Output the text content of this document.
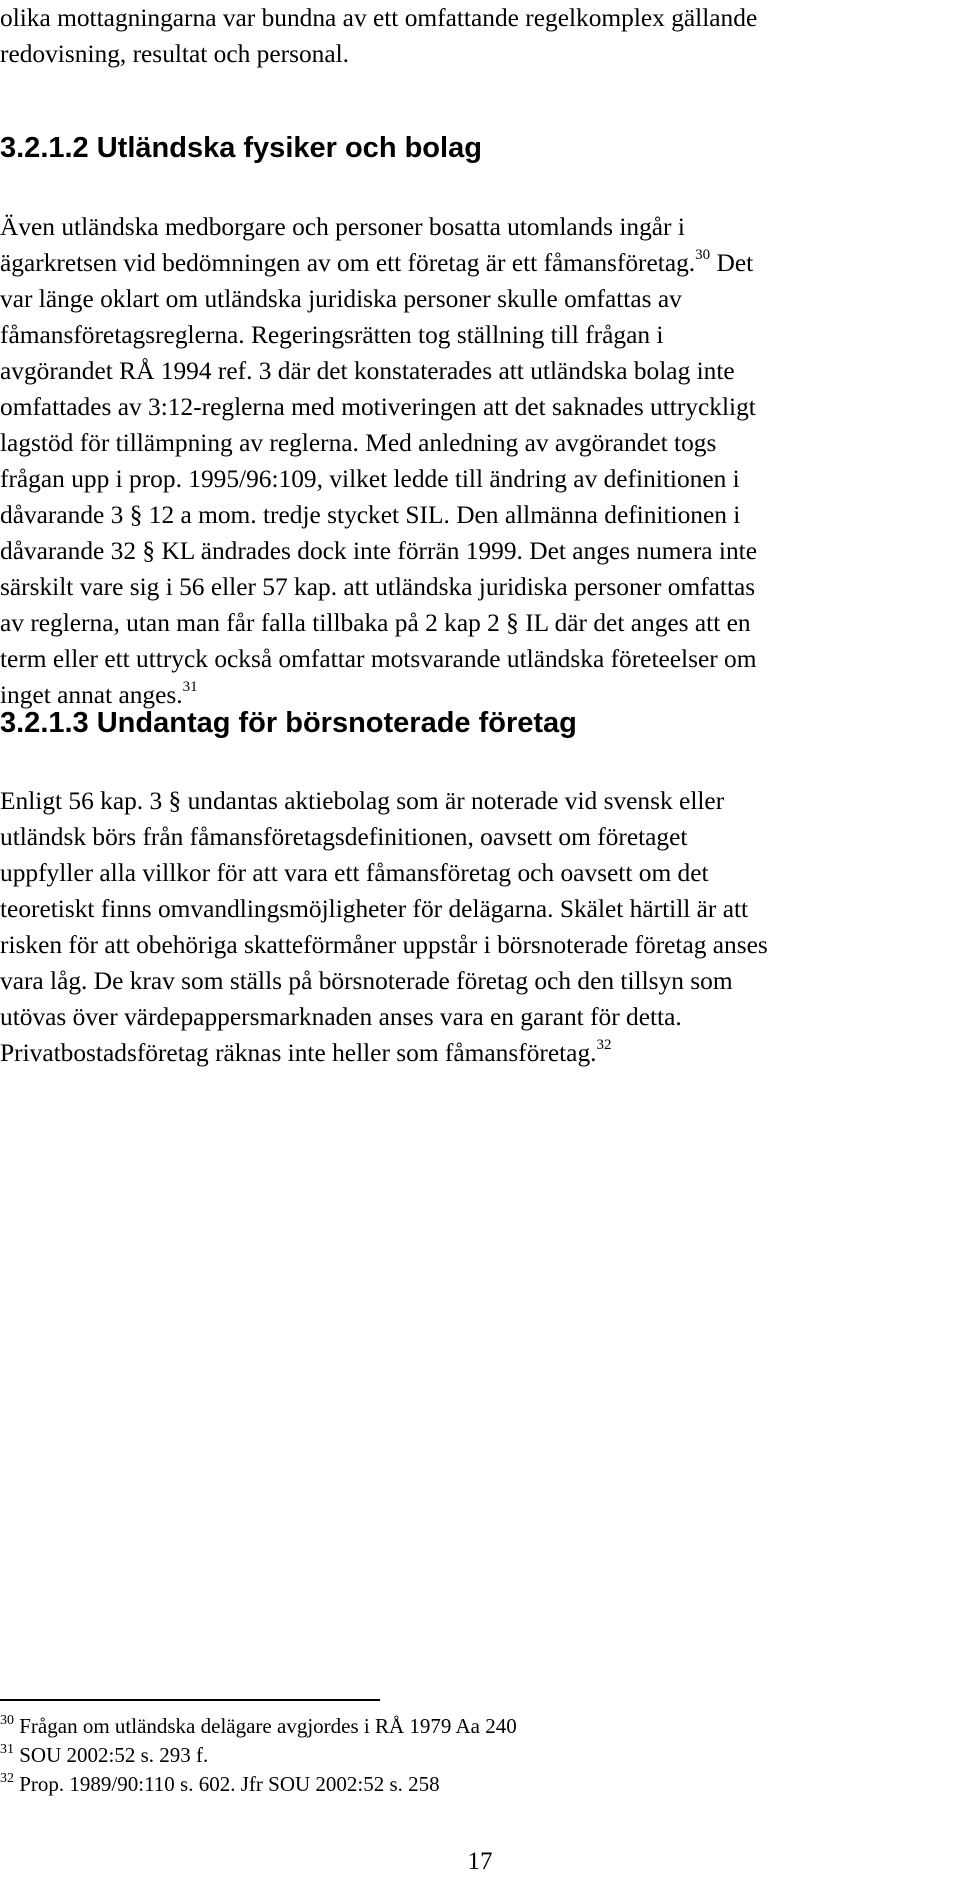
olika mottagningarna var bundna av ett omfattande regelkomplex gällande
redovisning, resultat och personal.
3.2.1.2 Utländska fysiker och bolag
Även utländska medborgare och personer bosatta utomlands ingår i
ägarkretsen vid bedömningen av om ett företag är ett fåmansföretag.$^{30}$ Det
var länge oklart om utländska juridiska personer skulle omfattas av
fåmansföretagsreglerna. Regeringsrätten tog ställning till frågan i
avgörandet RÅ 1994 ref. 3 där det konstaterades att utländska bolag inte
omfattades av 3:12-reglerna med motiveringen att det saknades uttryckligt
lagstöd för tillämpning av reglerna. Med anledning av avgörandet togs
frågan upp i prop. 1995/96:109, vilket ledde till ändring av definitionen i
dåvarande 3 § 12 a mom. tredje stycket SIL. Den allmänna definitionen i
dåvarande 32 § KL ändrades dock inte förrän 1999. Det anges numera inte
särskilt vare sig i 56 eller 57 kap. att utländska juridiska personer omfattas
av reglerna, utan man får falla tillbaka på 2 kap 2 § IL där det anges att en
term eller ett uttryck också omfattar motsvarande utländska företeelser om
inget annat anges.$^{31}$
3.2.1.3 Undantag för börsnoterade företag
Enligt 56 kap. 3 § undantas aktiebolag som är noterade vid svensk eller
utländsk börs från fåmansföretagsdefinitionen, oavsett om företaget
uppfyller alla villkor för att vara ett fåmansföretag och oavsett om det
teoretiskt finns omvandlingsmöjligheter för delägarna. Skälet härtill är att
risken för att obehöriga skatteförmåner uppstår i börsnoterade företag anses
vara låg. De krav som ställs på börsnoterade företag och den tillsyn som
utövas över värdepappersmarknaden anses vara en garant för detta.
Privatbostadsföretag räknas inte heller som fåmansföretag.$^{32}$
$^{30}$ Frågan om utländska delägare avgjordes i RÅ 1979 Aa 240
$^{31}$ SOU 2002:52 s. 293 f.
$^{32}$ Prop. 1989/90:110 s. 602. Jfr SOU 2002:52 s. 258
17
